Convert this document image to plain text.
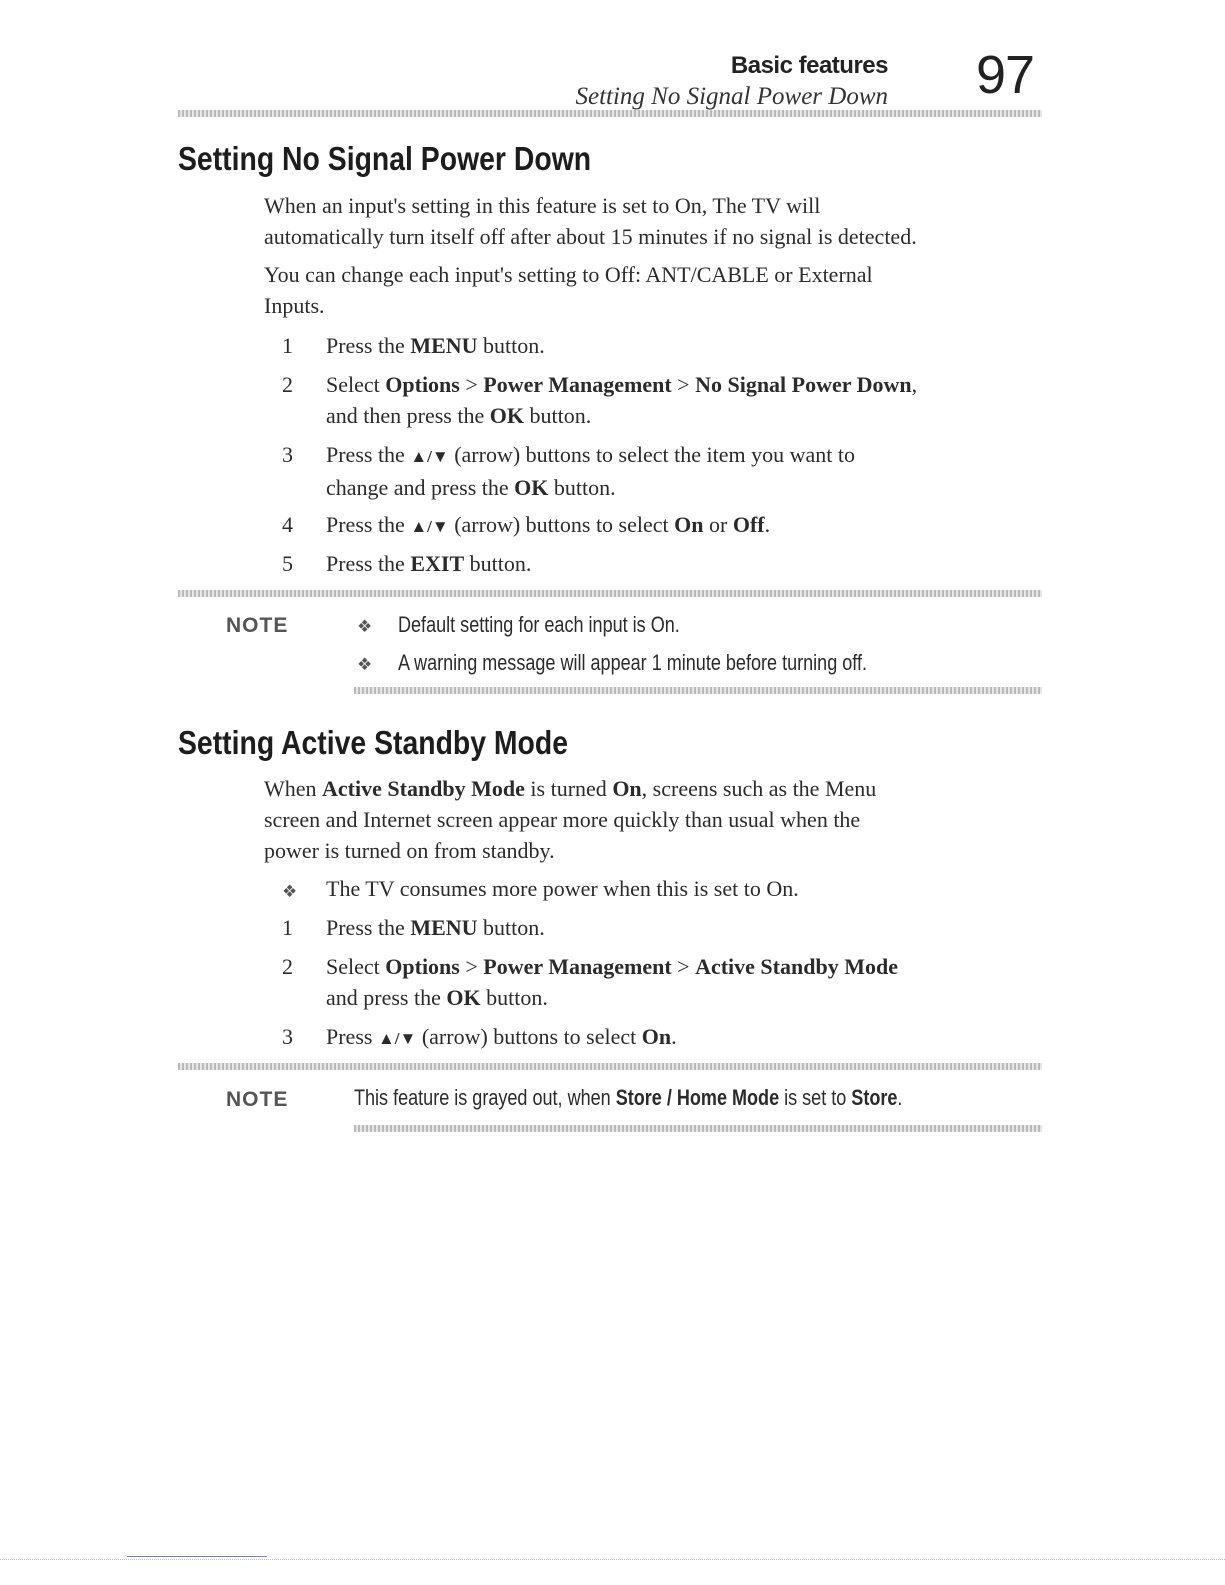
Basic features
Setting No Signal Power Down 97
Setting No Signal Power Down

When an input's setting in this feature is set to On, The TV will
automatically turn itself off after about 15 minutes if no signal is detected.

You can change each input's setting to Off: ANT/CABLE or External
Inputs.

1	Press the MENU button.
2	Select Options > Power Management > No Signal Power Down,
and then press the OK button.
3	Press the ▲/▼ (arrow) buttons to select the item you want to
change and press the OK button.
4	Press the ▲/▼ (arrow) buttons to select On or Off.
5	Press the EXIT button.
NOTE	❖ Default setting for each input is On.
❖ A warning message will appear 1 minute before turning off.
Setting Active Standby Mode

When Active Standby Mode is turned On, screens such as the Menu
screen and Internet screen appear more quickly than usual when the
power is turned on from standby.

❖ The TV consumes more power when this is set to On.
1	Press the MENU button.
2	Select Options > Power Management > Active Standby Mode
and press the OK button.
3	Press ▲/▼ (arrow) buttons to select On.
NOTE	This feature is grayed out, when Store / Home Mode is set to Store.
